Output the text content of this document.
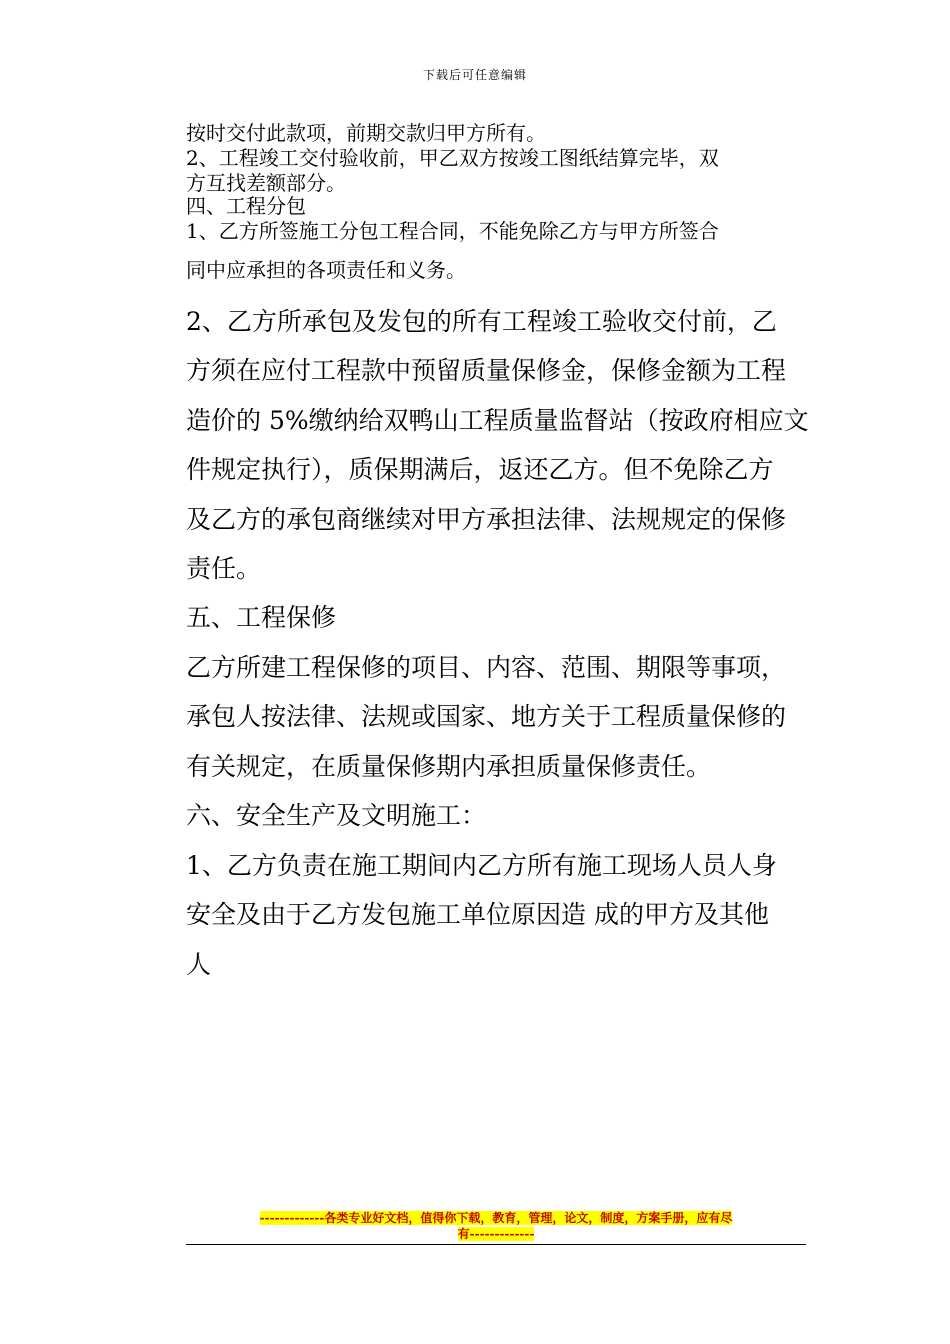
下载后可任意编辑
按时交付此款项，前期交款归甲方所有。
2、工程竣工交付验收前，甲乙双方按竣工图纸结算完毕，双
方互找差额部分。
四、工程分包
1、乙方所签施工分包工程合同，不能免除乙方与甲方所签合
同中应承担的各项责任和义务。
2、乙方所承包及发包的所有工程竣工验收交付前，乙
方须在应付工程款中预留质量保修金，保修金额为工程
造价的 5%缴纳给双鸭山工程质量监督站（按政府相应文
件规定执行），质保期满后，返还乙方。但不免除乙方
及乙方的承包商继续对甲方承担法律、法规规定的保修
责任。
五、工程保修
乙方所建工程保修的项目、内容、范围、期限等事项，
承包人按法律、法规或国家、地方关于工程质量保修的
有关规定，在质量保修期内承担质量保修责任。
六、安全生产及文明施工：
1、乙方负责在施工期间内乙方所有施工现场人员人身
安全及由于乙方发包施工单位原因造 成的甲方及其他
人
-------------各类专业好文档，值得你下载，教育，管理，论文，制度，方案手册，应有尽
有-------------
